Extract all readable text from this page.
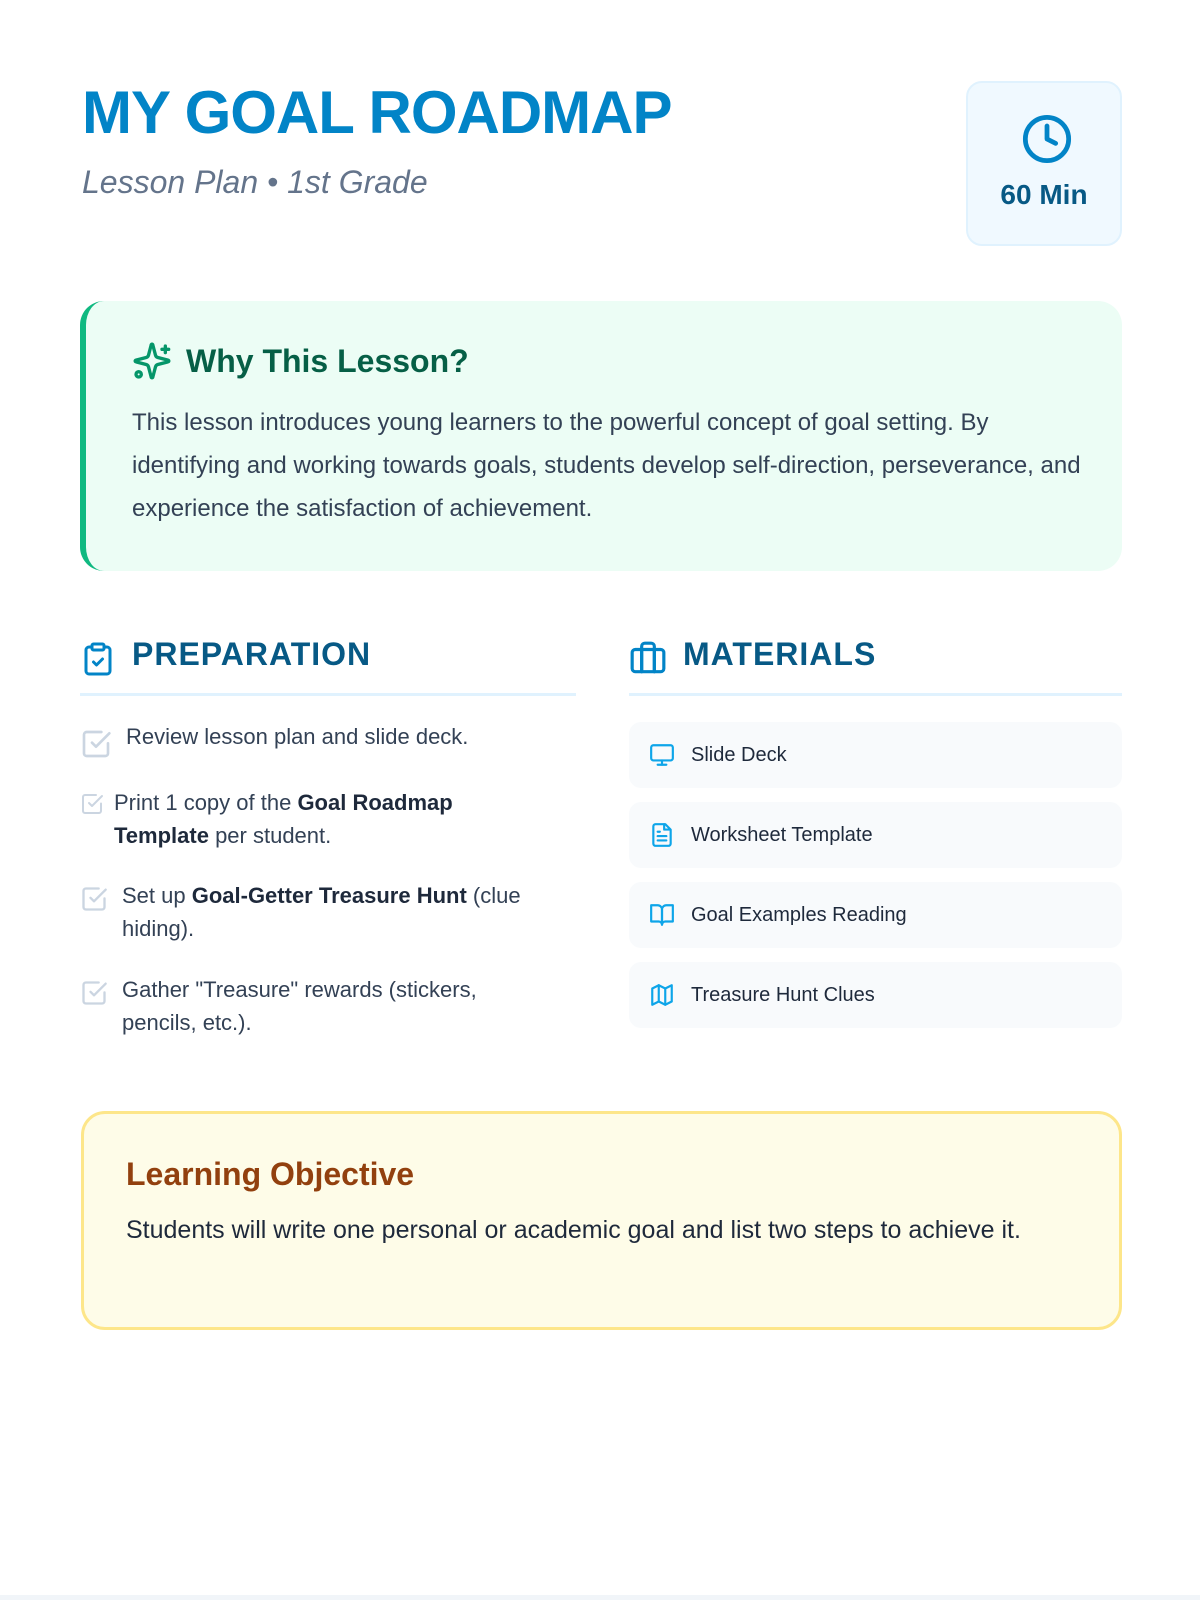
MY GOAL ROADMAP
Lesson Plan • 1st Grade	60 Min
Why This Lesson?

This lesson introduces young learners to the powerful concept of goal setting. By identifying and working towards goals, students develop self-direction, perseverance, and experience the satisfaction of achievement.

PREPARATION
Review lesson plan and slide deck.
Print 1 copy of the Goal Roadmap Template per student.
Set up Goal-Getter Treasure Hunt (clue hiding).
Gather "Treasure" rewards (stickers, pencils, etc.).
MATERIALS
Slide Deck
Worksheet Template
Goal Examples Reading
Treasure Hunt Clues
Learning Objective

Students will write one personal or academic goal and list two steps to achieve it.
